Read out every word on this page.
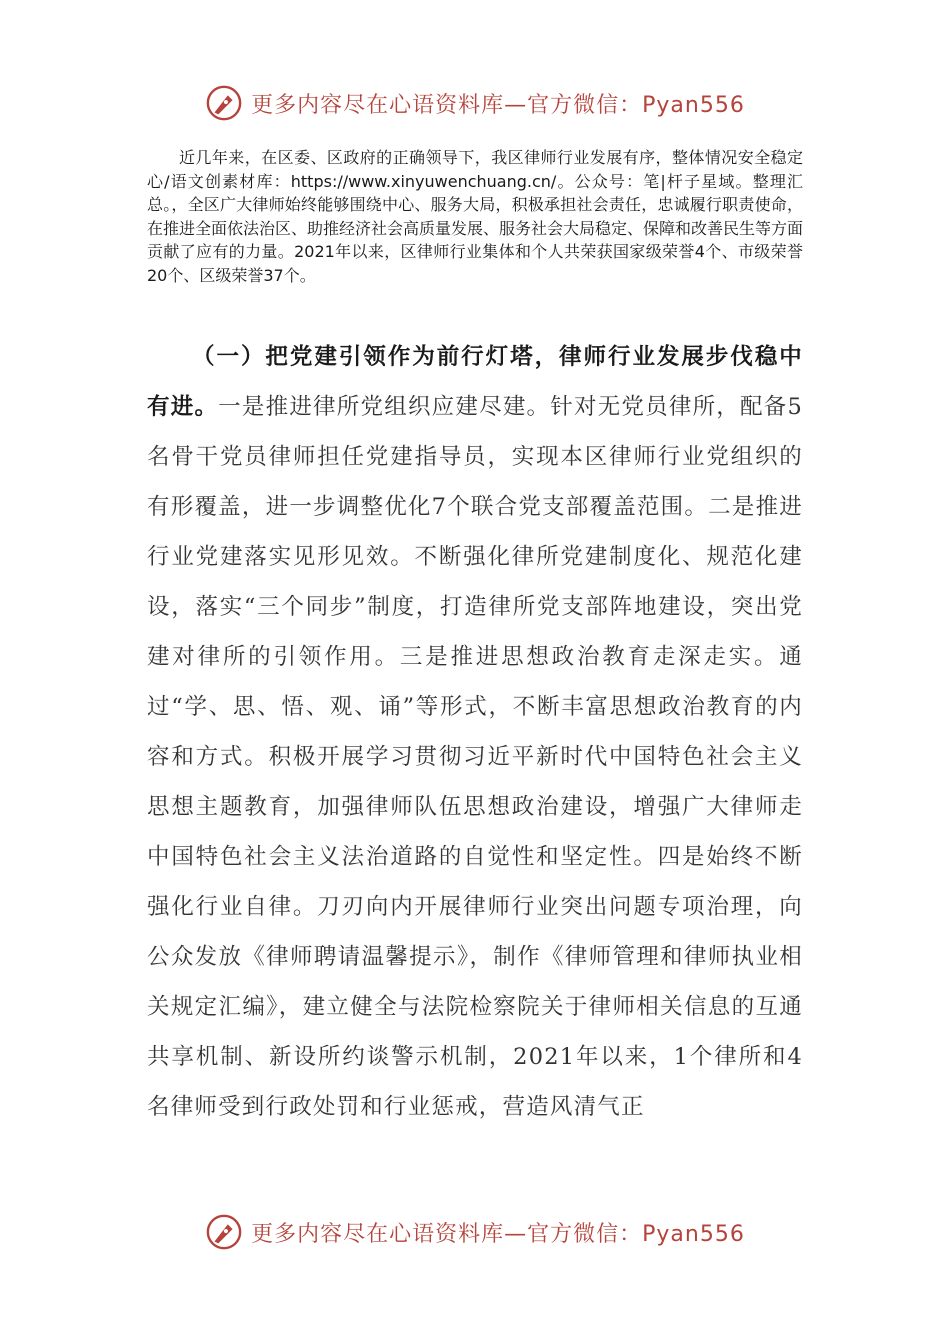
更多内容尽在心语资料库—官方微信：Pyan556
近几年来，在区委、区政府的正确领导下，我区律师行业发展有序，整体情况安全稳定心/语文创素材库：https://www.xinyuwenchuang.cn/。公众号：笔|杆子星域。整理汇总。，全区广大律师始终能够围绕中心、服务大局，积极承担社会责任，忠诚履行职责使命，在推进全面依法治区、助推经济社会高质量发展、服务社会大局稳定、保障和改善民生等方面贡献了应有的力量。2021年以来，区律师行业集体和个人共荣获国家级荣誉4个、市级荣誉20个、区级荣誉37个。
（一）把党建引领作为前行灯塔，律师行业发展步伐稳中有进。一是推进律所党组织应建尽建。针对无党员律所，配备5名骨干党员律师担任党建指导员，实现本区律师行业党组织的有形覆盖，进一步调整优化7个联合党支部覆盖范围。二是推进行业党建落实见形见效。不断强化律所党建制度化、规范化建设，落实“三个同步”制度，打造律所党支部阵地建设，突出党建对律所的引领作用。三是推进思想政治教育走深走实。通过“学、思、悟、观、诵”等形式，不断丰富思想政治教育的内容和方式。积极开展学习贯彻习近平新时代中国特色社会主义思想主题教育，加强律师队伍思想政治建设，增强广大律师走中国特色社会主义法治道路的自觉性和坚定性。四是始终不断强化行业自律。刀刃向内开展律师行业突出问题专项治理，向公众发放《律师聘请温馨提示》，制作《律师管理和律师执业相关规定汇编》，建立健全与法院检察院关于律师相关信息的互通共享机制、新设所约谈警示机制，2021年以来，1个律所和4名律师受到行政处罚和行业惩戒，营造风清气正
更多内容尽在心语资料库—官方微信：Pyan556
